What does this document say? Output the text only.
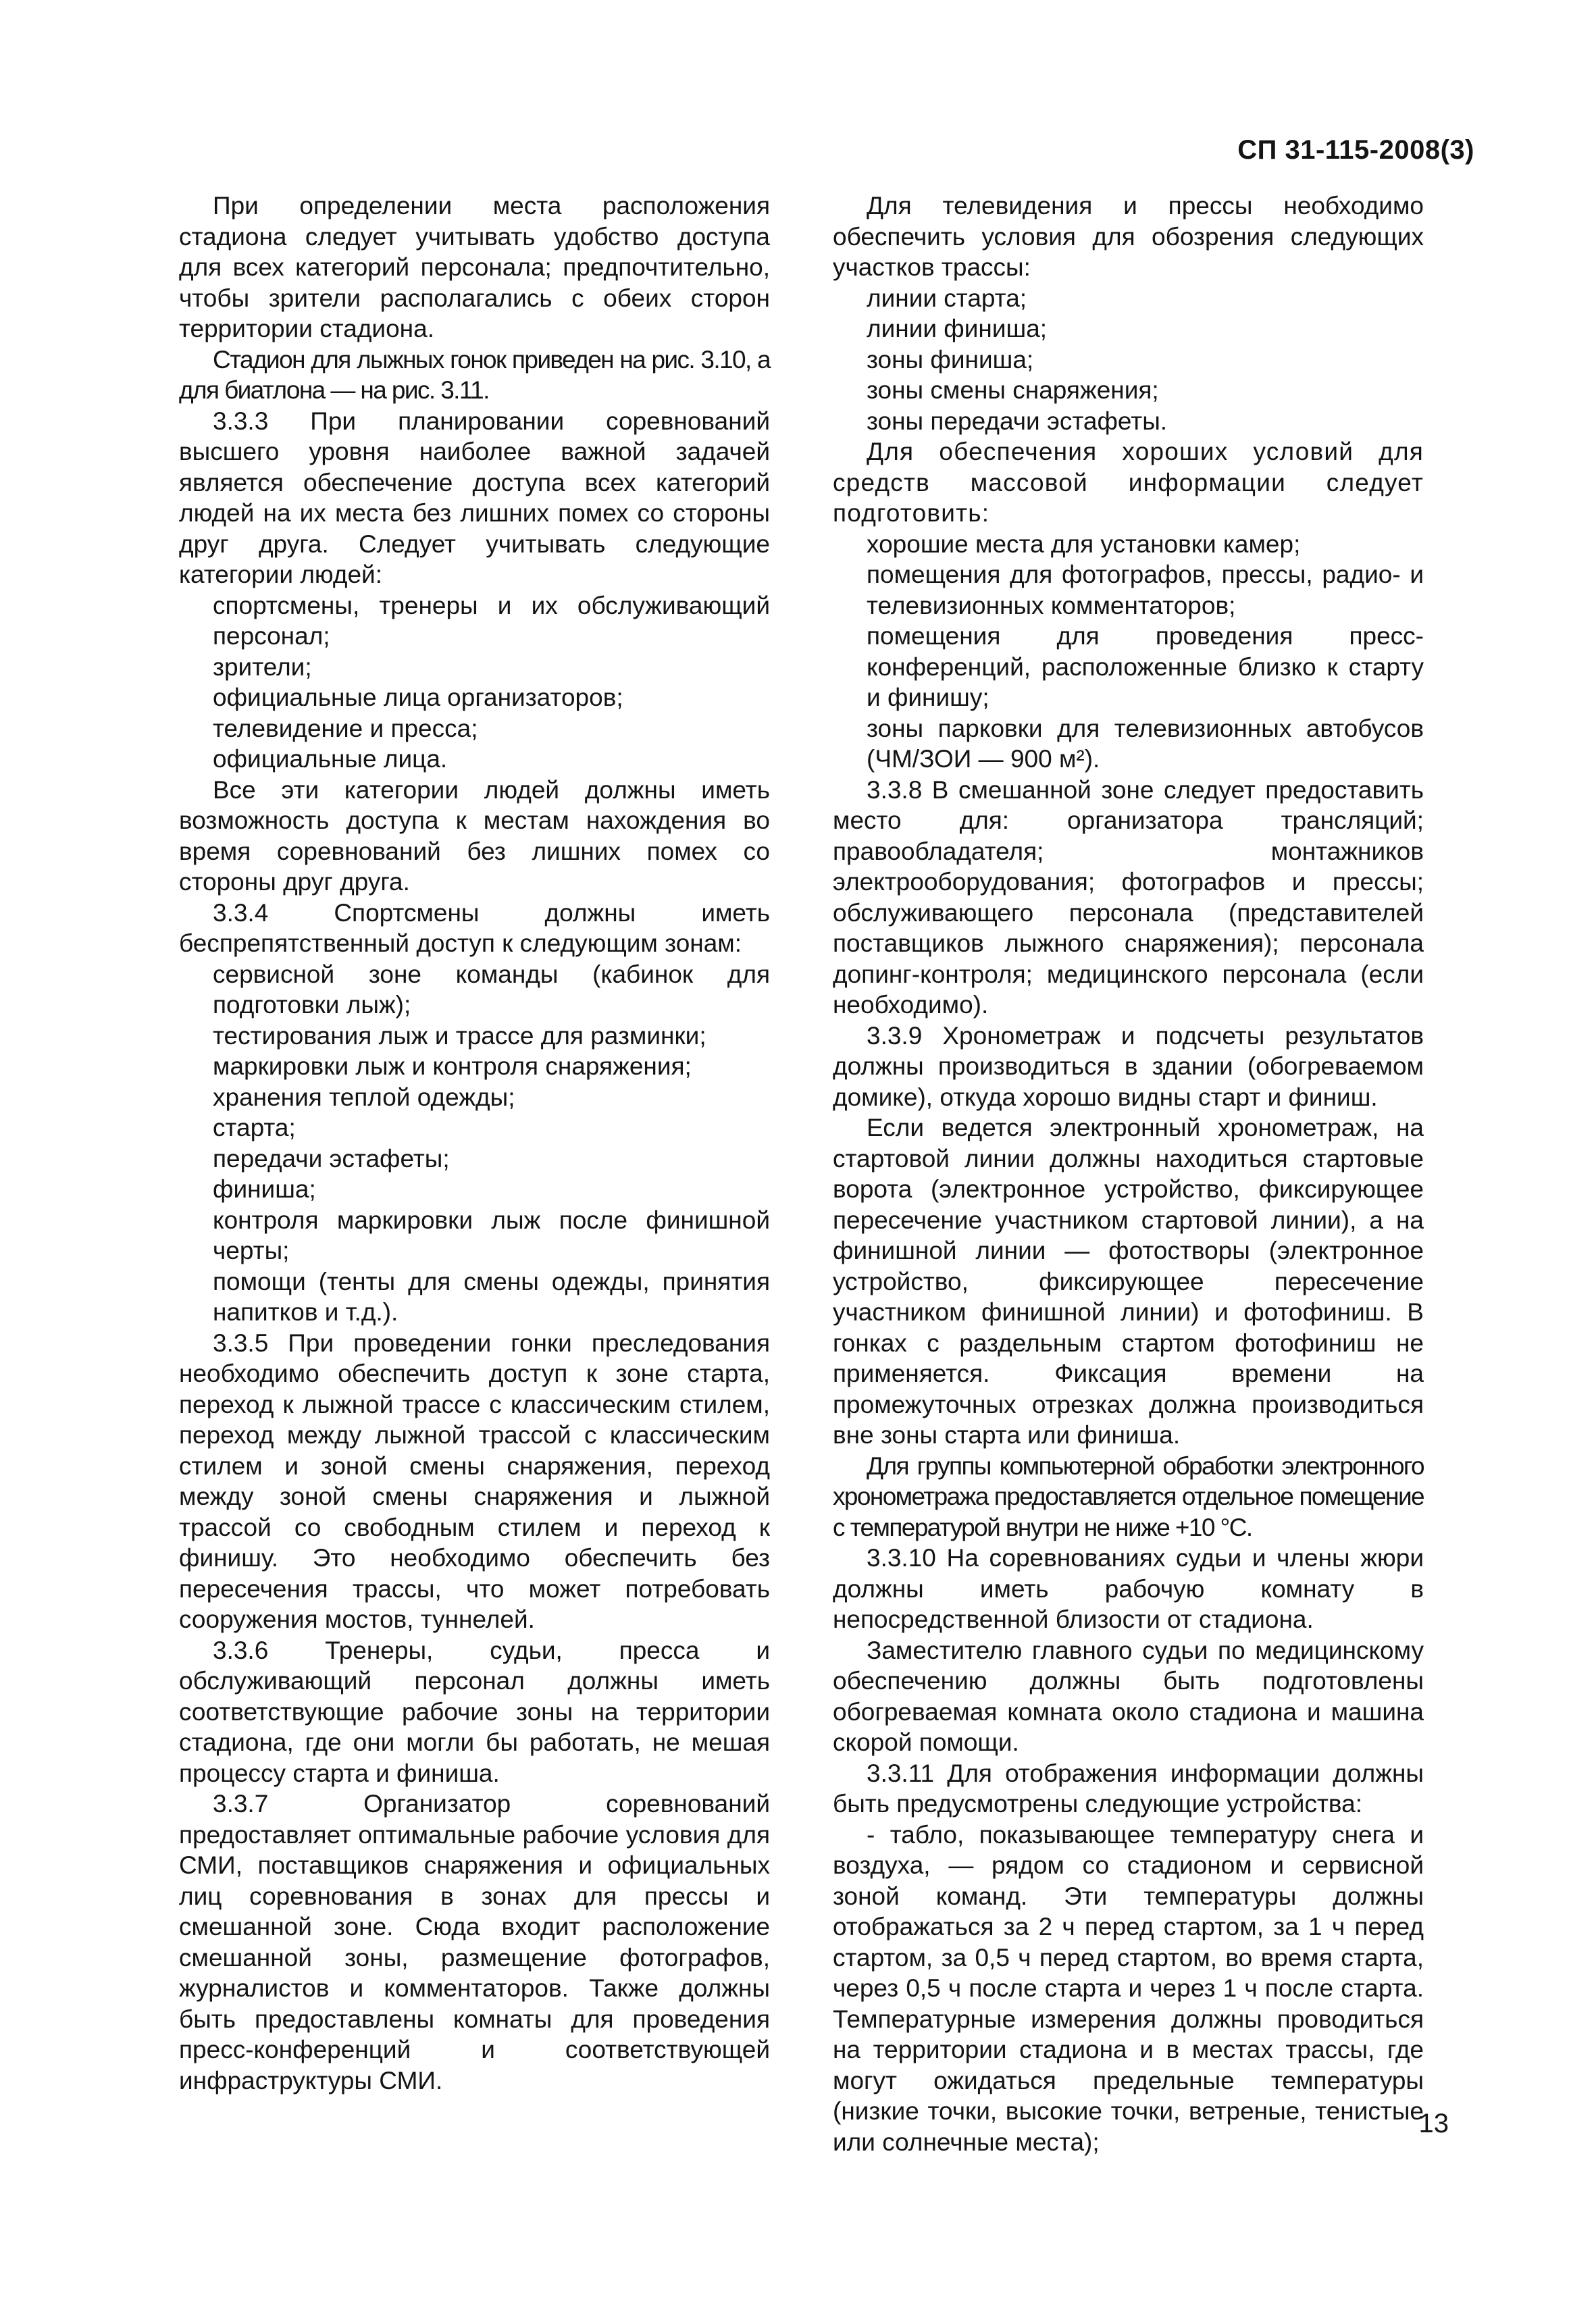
СП 31-115-2008(3)

При определении места расположения стадиона следует учитывать удобство доступа для всех категорий персонала; предпочтительно, чтобы зрители располагались с обеих сторон территории стадиона.

Стадион для лыжных гонок приведен на рис. 3.10, а для биатлона — на рис. 3.11.

3.3.3 При планировании соревнований высшего уровня наиболее важной задачей является обеспечение доступа всех категорий людей на их места без лишних помех со стороны друг друга. Следует учитывать следующие категории людей:

спортсмены, тренеры и их обслуживающий персонал;

зрители;

официальные лица организаторов;

телевидение и пресса;

официальные лица.

Все эти категории людей должны иметь возможность доступа к местам нахождения во время соревнований без лишних помех со стороны друг друга.

3.3.4 Спортсмены должны иметь беспрепятственный доступ к следующим зонам:

сервисной зоне команды (кабинок для подготовки лыж);

тестирования лыж и трассе для разминки;

маркировки лыж и контроля снаряжения;

хранения теплой одежды;

старта;

передачи эстафеты;

финиша;

контроля маркировки лыж после финишной черты;

помощи (тенты для смены одежды, принятия напитков и т.д.).

3.3.5 При проведении гонки преследования необходимо обеспечить доступ к зоне старта, переход к лыжной трассе с классическим стилем, переход между лыжной трассой с классическим стилем и зоной смены снаряжения, переход между зоной смены снаряжения и лыжной трассой со свободным стилем и переход к финишу. Это необходимо обеспечить без пересечения трассы, что может потребовать сооружения мостов, туннелей.

3.3.6 Тренеры, судьи, пресса и обслуживающий персонал должны иметь соответствующие рабочие зоны на территории стадиона, где они могли бы работать, не мешая процессу старта и финиша.

3.3.7 Организатор соревнований предоставляет оптимальные рабочие условия для СМИ, поставщиков снаряжения и официальных лиц соревнования в зонах для прессы и смешанной зоне. Сюда входит расположение смешанной зоны, размещение фотографов, журналистов и комментаторов. Также должны быть предоставлены комнаты для проведения пресс-конференций и соответствующей инфраструктуры СМИ.

Для телевидения и прессы необходимо обеспечить условия для обозрения следующих участков трассы:

линии старта;

линии финиша;

зоны финиша;

зоны смены снаряжения;

зоны передачи эстафеты.

Для обеспечения хороших условий для средств массовой информации следует подготовить:

хорошие места для установки камер;

помещения для фотографов, прессы, радио- и телевизионных комментаторов;

помещения для проведения пресс-конференций, расположенные близко к старту и финишу;

зоны парковки для телевизионных автобусов (ЧМ/ЗОИ — 900 м²).

3.3.8 В смешанной зоне следует предоставить место для: организатора трансляций; правообладателя; монтажников электрооборудования; фотографов и прессы; обслуживающего персонала (представителей поставщиков лыжного снаряжения); персонала допинг-контроля; медицинского персонала (если необходимо).

3.3.9 Хронометраж и подсчеты результатов должны производиться в здании (обогреваемом домике), откуда хорошо видны старт и финиш.

Если ведется электронный хронометраж, на стартовой линии должны находиться стартовые ворота (электронное устройство, фиксирующее пересечение участником стартовой линии), а на финишной линии — фотостворы (электронное устройство, фиксирующее пересечение участником финишной линии) и фотофиниш. В гонках с раздельным стартом фотофиниш не применяется. Фиксация времени на промежуточных отрезках должна производиться вне зоны старта или финиша.

Для группы компьютерной обработки электронного хронометража предоставляется отдельное помещение с температурой внутри не ниже +10 °С.

3.3.10 На соревнованиях судьи и члены жюри должны иметь рабочую комнату в непосредственной близости от стадиона.

Заместителю главного судьи по медицинскому обеспечению должны быть подготовлены обогреваемая комната около стадиона и машина скорой помощи.

3.3.11 Для отображения информации должны быть предусмотрены следующие устройства:

- табло, показывающее температуру снега и воздуха, — рядом со стадионом и сервисной зоной команд. Эти температуры должны отображаться за 2 ч перед стартом, за 1 ч перед стартом, за 0,5 ч перед стартом, во время старта, через 0,5 ч после старта и через 1 ч после старта. Температурные измерения должны проводиться на территории стадиона и в местах трассы, где могут ожидаться предельные температуры (низкие точки, высокие точки, ветреные, тенистые или солнечные места);

13
